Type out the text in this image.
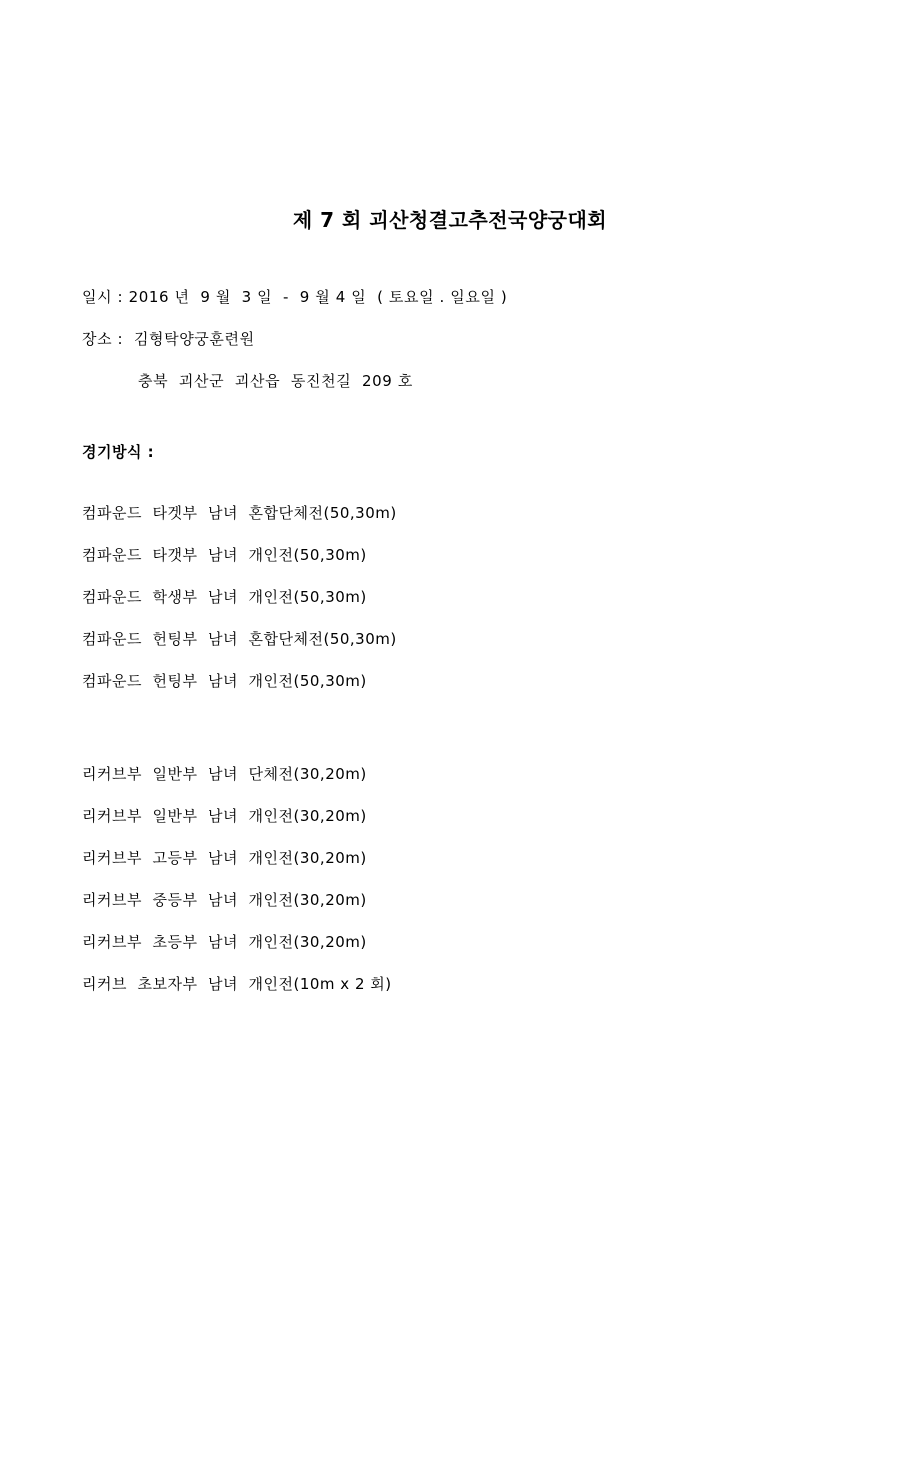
제 7 회 괴산청결고추전국양궁대회
일시 : 2016 년  9 월  3 일  -  9 월 4 일  ( 토요일 . 일요일 )
장소 :  김형탁양궁훈련원
충북  괴산군  괴산읍  동진천길  209 호
경기방식 :
컴파운드  타겟부  남녀  혼합단체전(50,30m)
컴파운드  타갯부  남녀  개인전(50,30m)
컴파운드  학생부  남녀  개인전(50,30m)
컴파운드  헌팅부  남녀  혼합단체전(50,30m)
컴파운드  헌팅부  남녀  개인전(50,30m)
리커브부  일반부  남녀  단체전(30,20m)
리커브부  일반부  남녀  개인전(30,20m)
리커브부  고등부  남녀  개인전(30,20m)
리커브부  중등부  남녀  개인전(30,20m)
리커브부  초등부  남녀  개인전(30,20m)
리커브  초보자부  남녀  개인전(10m x 2 회)
